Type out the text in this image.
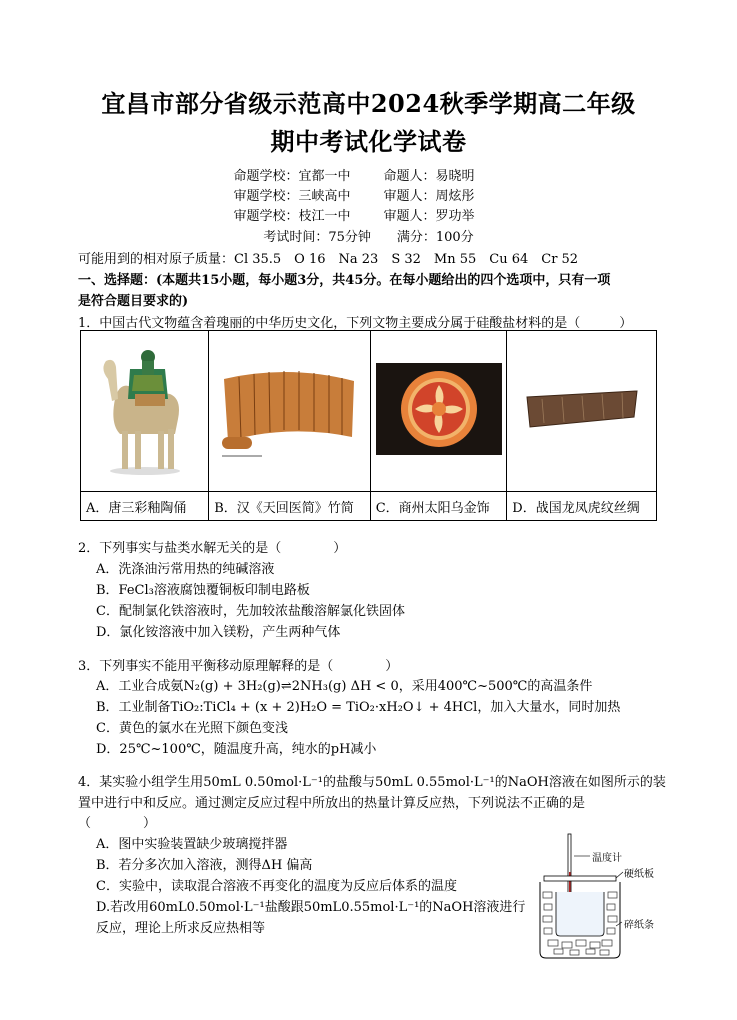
宜昌市部分省级示范高中2024秋季学期高二年级
期中考试化学试卷
命题学校：宜都一中	命题人：易晓明
审题学校：三峡高中	审题人：周炫彤
审题学校：枝江一中	审题人：罗功举
考试时间：75分钟　　满分：100分
可能用到的相对原子质量：Cl 35.5　O 16　Na 23　S 32　Mn 55　Cu 64　Cr 52
一、选择题：(本题共15小题，每小题3分，共45分。在每小题给出的四个选项中，只有一项
是符合题目要求的)
1．中国古代文物蕴含着瑰丽的中华历史文化，下列文物主要成分属于硅酸盐材料的是（　　　）

A．唐三彩釉陶俑	B．汉《天回医简》竹简	C．商州太阳乌金饰	D．战国龙凤虎纹丝绸
2．下列事实与盐类水解无关的是（　　　　）
A．洗涤油污常用热的纯碱溶液
B．FeCl₃溶液腐蚀覆铜板印制电路板
C．配制氯化铁溶液时，先加较浓盐酸溶解氯化铁固体
D．氯化铵溶液中加入镁粉，产生两种气体
3．下列事实不能用平衡移动原理解释的是（　　　　）
A．工业合成氨N₂(g) + 3H₂(g)⇌2NH₃(g) ΔH < 0，采用400℃~500℃的高温条件
B．工业制备TiO₂:TiCl₄ + (x + 2)H₂O = TiO₂·xH₂O↓ + 4HCl，加入大量水，同时加热
C．黄色的氯水在光照下颜色变浅
D．25℃~100℃，随温度升高，纯水的pH减小
4．某实验小组学生用50mL 0.50mol·L⁻¹的盐酸与50mL 0.55mol·L⁻¹的NaOH溶液在如图所示的装
置中进行中和反应。通过测定反应过程中所放出的热量计算反应热，下列说法不正确的是
（　　　　）
A．图中实验装置缺少玻璃搅拌器
B．若分多次加入溶液，测得ΔH 偏高
C．实验中，读取混合溶液不再变化的温度为反应后体系的温度
D.若改用60mL0.50mol·L⁻¹盐酸跟50mL0.55mol·L⁻¹的NaOH溶液进行
反应，理论上所求反应热相等
温度计
硬纸板
碎纸条
